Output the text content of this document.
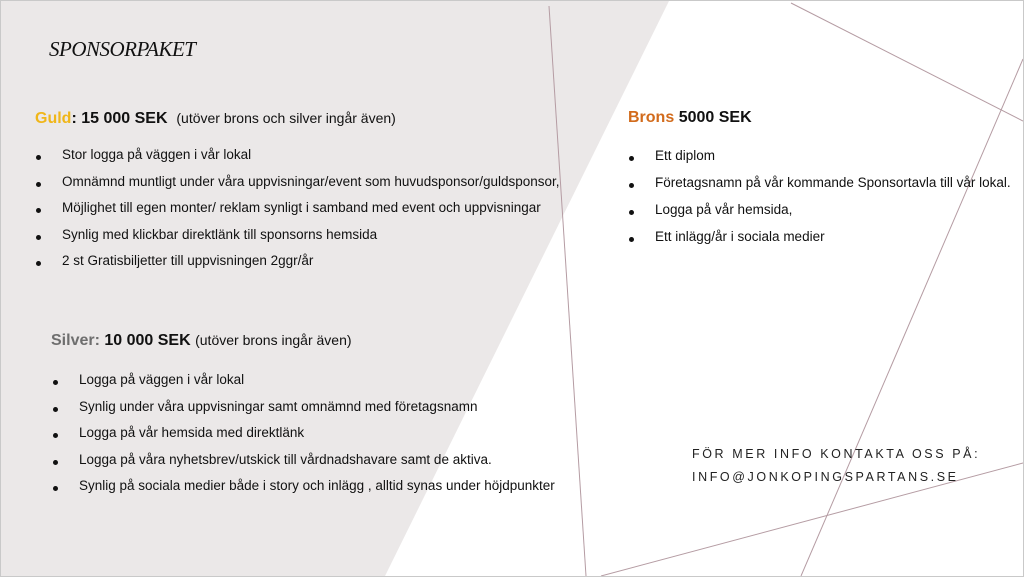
SPONSORPAKET
Guld: 15 000 SEK (utöver brons och silver ingår även)
Stor logga på väggen i vår lokal
Omnämnd muntligt under våra uppvisningar/event som huvudsponsor/guldsponsor,
Möjlighet till egen monter/ reklam synligt i samband med event och uppvisningar
Synlig med klickbar direktlänk till sponsorns hemsida
2 st Gratisbiljetter till uppvisningen 2ggr/år
Silver: 10 000 SEK (utöver brons ingår även)
Logga på väggen i vår lokal
Synlig under våra uppvisningar samt omnämnd med företagsnamn
Logga på vår hemsida med direktlänk
Logga på våra nyhetsbrev/utskick till vårdnadshavare samt de aktiva.
Synlig på sociala medier både i story och inlägg , alltid synas under höjdpunkter
Brons 5000 SEK
Ett diplom
Företagsnamn på vår kommande Sponsortavla till vår lokal.
Logga på vår hemsida,
Ett inlägg/år i sociala medier
FÖR MER INFO KONTAKTA OSS PÅ:
INFO@JONKOPINGSPARTANS.SE
